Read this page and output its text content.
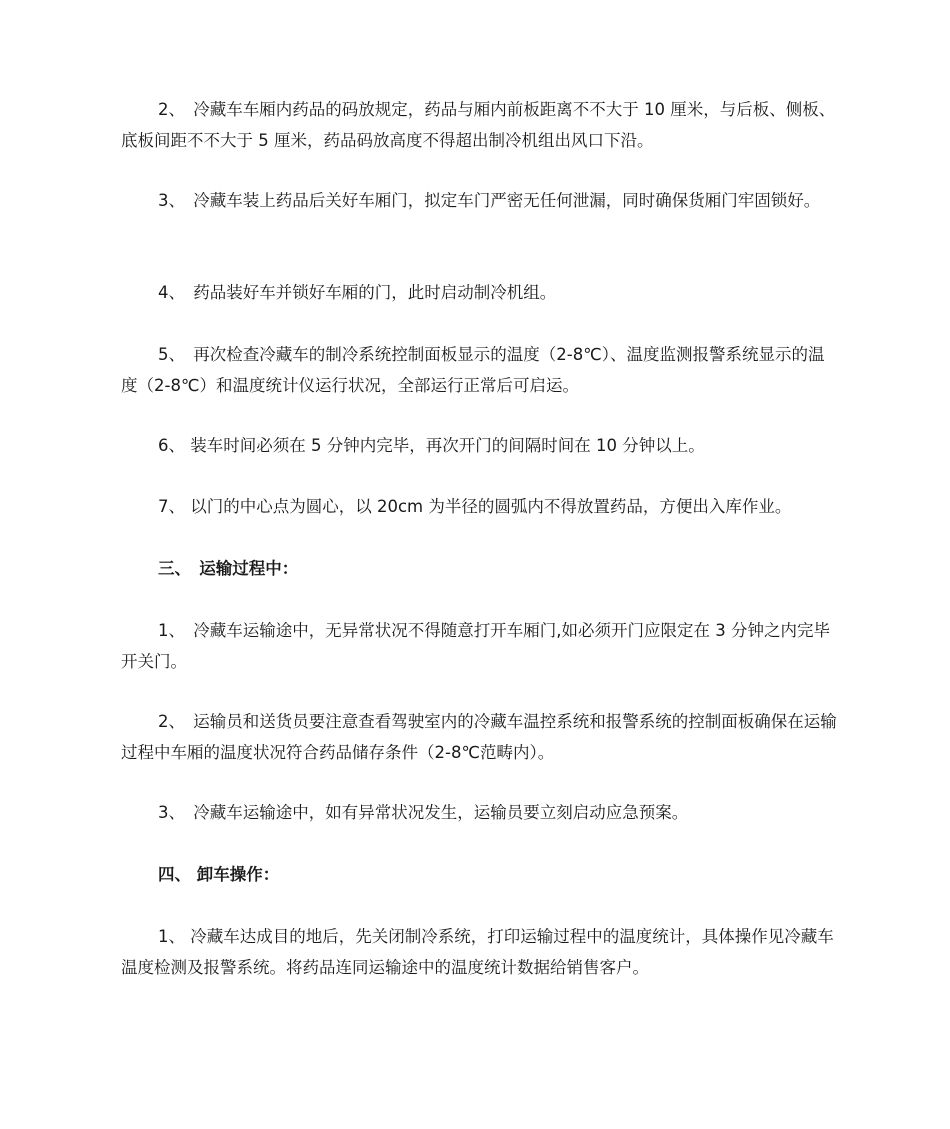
2、　冷藏车车厢内药品的码放规定，药品与厢内前板距离不不大于 10 厘米，与后板、侧板、底板间距不不大于 5 厘米，药品码放高度不得超出制冷机组出风口下沿。

3、　冷藏车装上药品后关好车厢门，拟定车门严密无任何泄漏，同时确保货厢门牢固锁好。

4、　药品装好车并锁好车厢的门，此时启动制冷机组。

5、　再次检查冷藏车的制冷系统控制面板显示的温度（2-8℃）、温度监测报警系统显示的温度（2-8℃）和温度统计仪运行状况，全部运行正常后可启运。

6、 装车时间必须在 5 分钟内完毕，再次开门的间隔时间在 10 分钟以上。

7、 以门的中心点为圆心，以 20cm 为半径的圆弧内不得放置药品，方便出入库作业。

三、　运输过程中：

1、　冷藏车运输途中，无异常状况不得随意打开车厢门,如必须开门应限定在 3 分钟之内完毕开关门。

2、　运输员和送货员要注意查看驾驶室内的冷藏车温控系统和报警系统的控制面板确保在运输过程中车厢的温度状况符合药品储存条件（2-8℃范畴内）。

3、　冷藏车运输途中，如有异常状况发生，运输员要立刻启动应急预案。

四、 卸车操作：

1、 冷藏车达成目的地后，先关闭制冷系统，打印运输过程中的温度统计，具体操作见冷藏车温度检测及报警系统。将药品连同运输途中的温度统计数据给销售客户。
